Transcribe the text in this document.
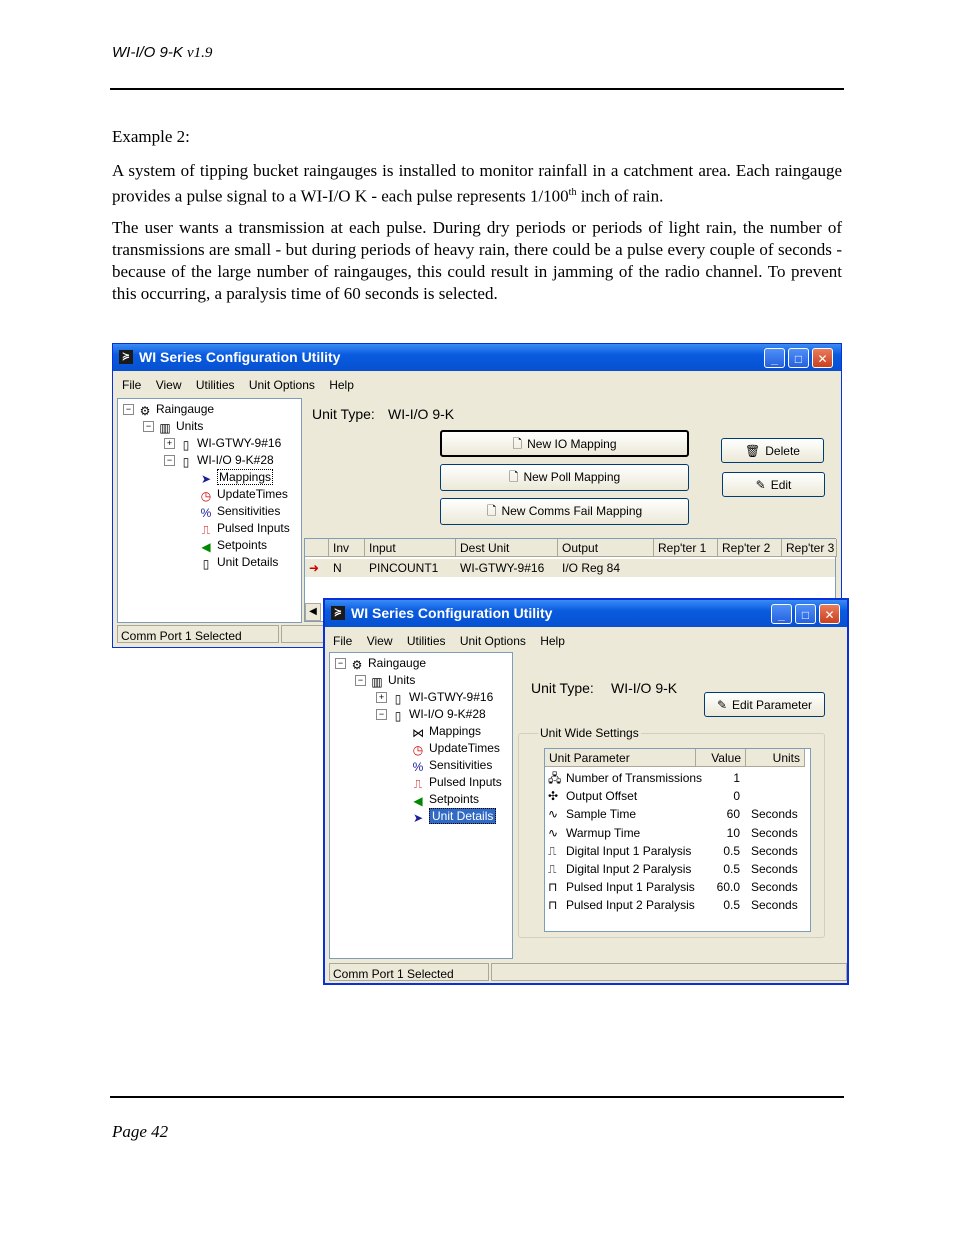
WI-I/O 9-K v1.9
Example 2:
A system of tipping bucket raingauges is installed to monitor rainfall in a catchment area. Each raingauge provides a pulse signal to a WI-I/O K - each pulse represents 1/100th inch of rain.
The user wants a transmission at each pulse. During dry periods or periods of light rain, the number of transmissions are small - but during periods of heavy rain, there could be a pulse every couple of seconds - because of the large number of raingauges, this could result in jamming of the radio channel. To prevent this occurring, a paralysis time of 60 seconds is selected.
≽ WI Series Configuration Utility	_	□	✕
File View Utilities Unit Options Help
− ⚙ Raingauge
− ▥ Units
+ ▯ WI-GTWY-9#16
− ▯ WI-I/O 9-K#28
➤ Mappings
◷ UpdateTimes
% Sensitivities
⎍ Pulsed Inputs
◀ Setpoints
▯ Unit Details
Unit Type: WI-I/O 9-K
🗋 New IO Mapping
🗋 New Poll Mapping
🗋 New Comms Fail Mapping
🗑 Delete
✎ Edit
Inv	Input	Dest Unit	Output	Rep'ter 1	Rep'ter 2	Rep'ter 3
➜ N PINCOUNT1 WI-GTWY-9#16 I/O Reg 84
◀
Comm Port 1 Selected
≽ WI Series Configuration Utility	_	□	✕
File View Utilities Unit Options Help
− ⚙ Raingauge
− ▥ Units
+ ▯ WI-GTWY-9#16
− ▯ WI-I/O 9-K#28
⋈ Mappings
◷ UpdateTimes
% Sensitivities
⎍ Pulsed Inputs
◀ Setpoints
➤ Unit Details
Unit Type: WI-I/O 9-K
✎ Edit Parameter
Unit Wide Settings
Unit Parameter	Value	Units
🖧 Number of Transmissions	1
✣ Output Offset	0
∿ Sample Time	60 Seconds
∿ Warmup Time	10 Seconds
⎍ Digital Input 1 Paralysis	0.5 Seconds
⎍ Digital Input 2 Paralysis	0.5 Seconds
⊓ Pulsed Input 1 Paralysis	60.0 Seconds
⊓ Pulsed Input 2 Paralysis	0.5 Seconds
Comm Port 1 Selected
Page 42
